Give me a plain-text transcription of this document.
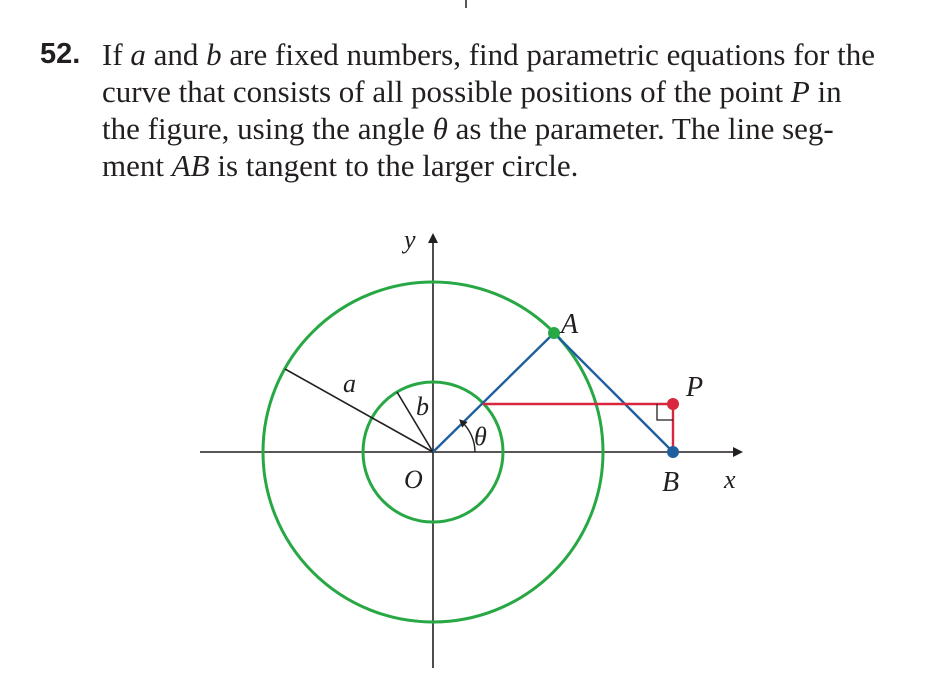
52. If a and b are fixed numbers, find parametric equations for the
curve that consists of all possible positions of the point P in
the figure, using the angle θ as the parameter. The line seg-
ment AB is tangent to the larger circle.
y
x
O
A
B
P
a
b
θ
